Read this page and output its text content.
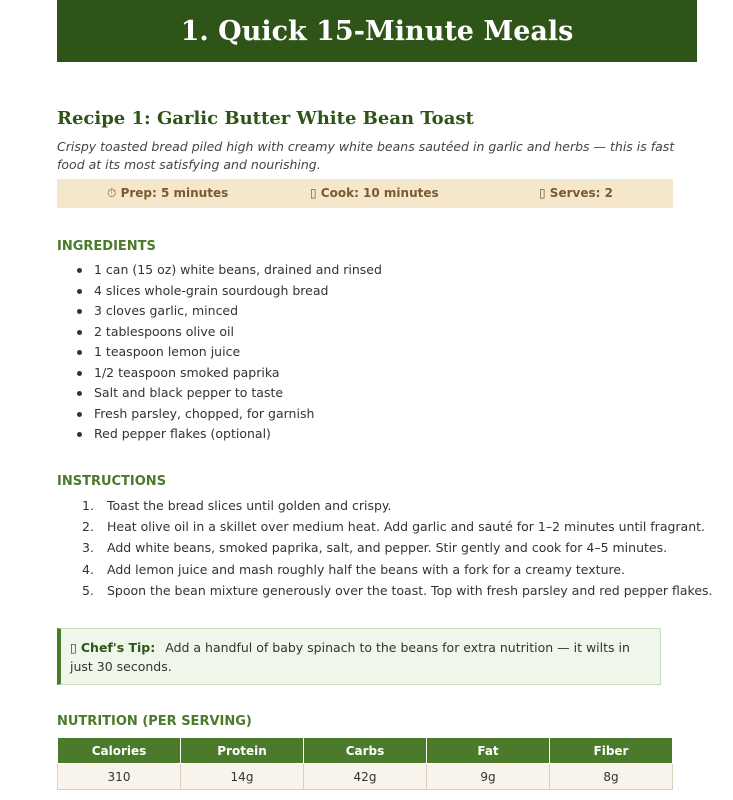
1. Quick 15-Minute Meals
Recipe 1: Garlic Butter White Bean Toast

Crispy toasted bread piled high with creamy white beans sautéed in garlic and herbs — this is fast food at its most satisfying and nourishing.

⏱ Prep: 5 minutes	▯ Cook: 10 minutes	▯ Serves: 2
INGREDIENTS
1 can (15 oz) white beans, drained and rinsed
4 slices whole-grain sourdough bread
3 cloves garlic, minced
2 tablespoons olive oil
1 teaspoon lemon juice
1/2 teaspoon smoked paprika
Salt and black pepper to taste
Fresh parsley, chopped, for garnish
Red pepper flakes (optional)
INSTRUCTIONS
1. Toast the bread slices until golden and crispy.
2. Heat olive oil in a skillet over medium heat. Add garlic and sauté for 1–2 minutes until fragrant.
3. Add white beans, smoked paprika, salt, and pepper. Stir gently and cook for 4–5 minutes.
4. Add lemon juice and mash roughly half the beans with a fork for a creamy texture.
5. Spoon the bean mixture generously over the toast. Top with fresh parsley and red pepper flakes.
▯ Chef's Tip: Add a handful of baby spinach to the beans for extra nutrition — it wilts in just 30 seconds.
NUTRITION (PER SERVING)
Calories	Protein	Carbs	Fat	Fiber
310	14g	42g	9g	8g
